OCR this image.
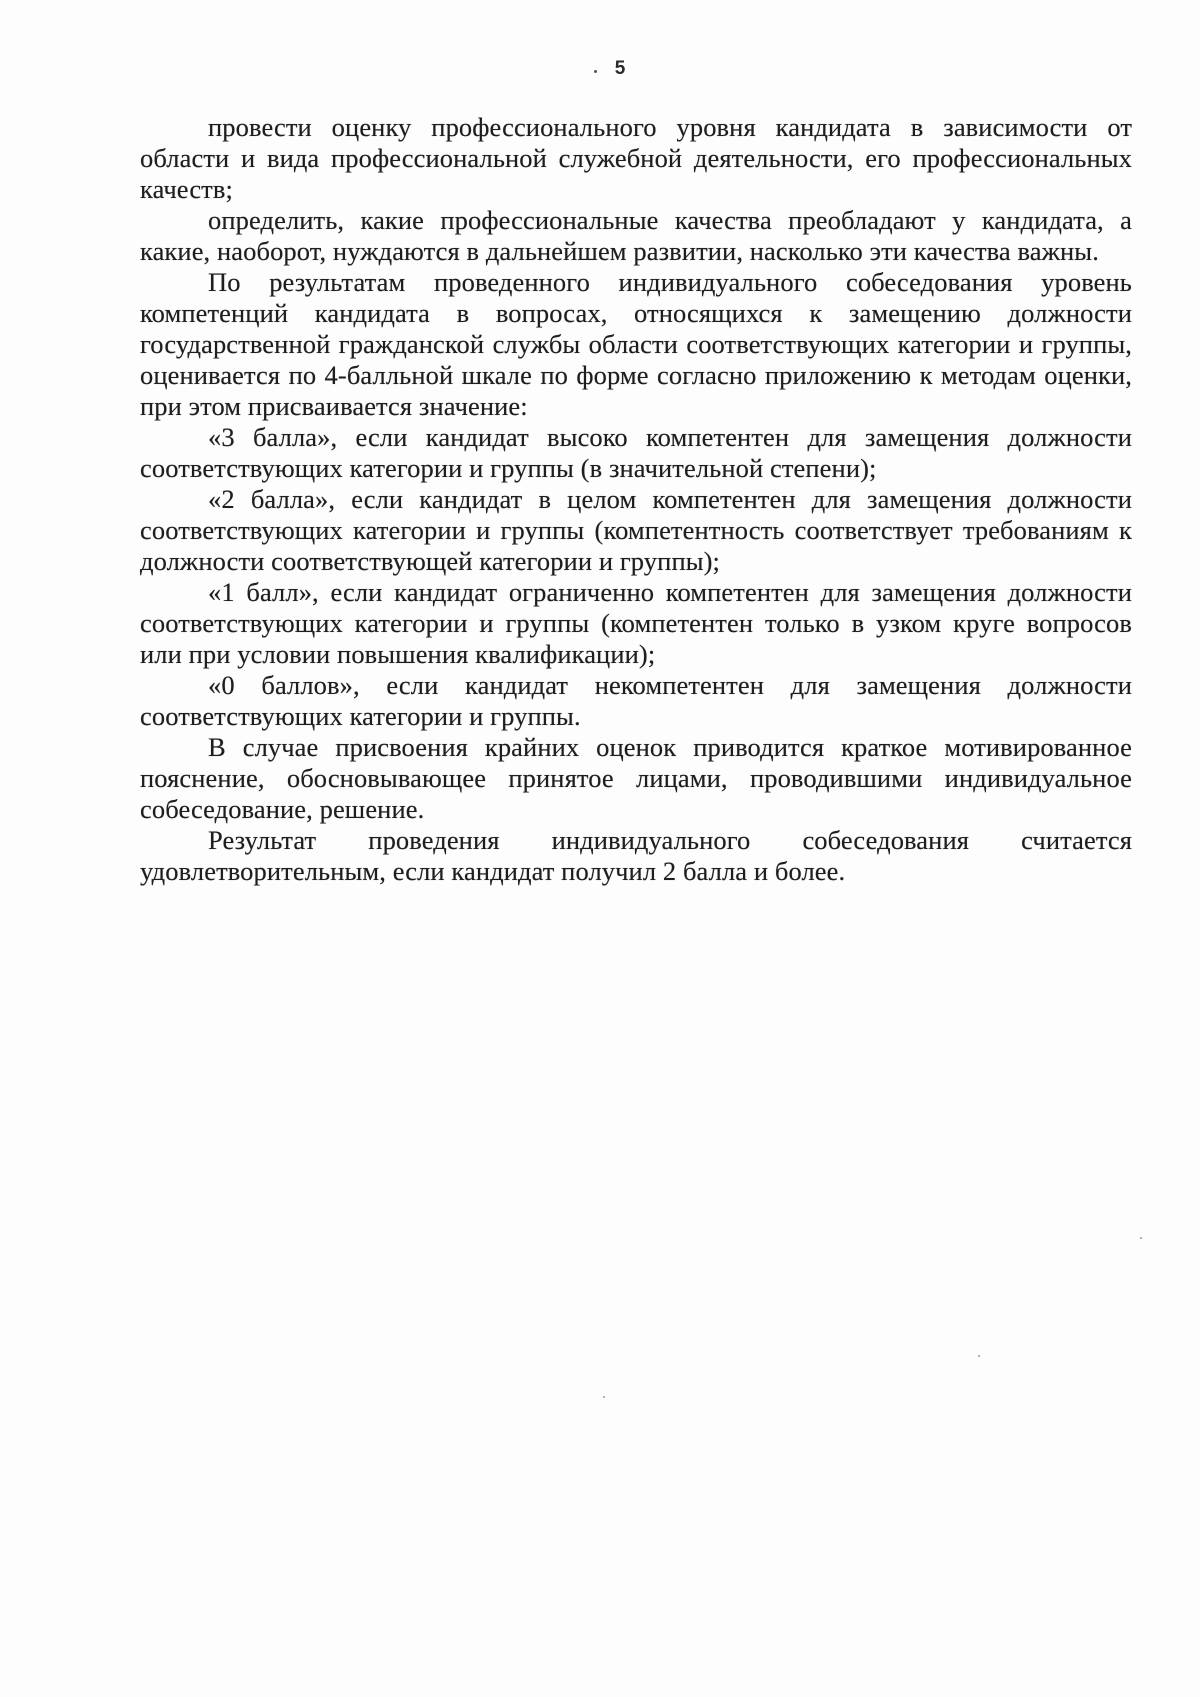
5

провести оценку профессионального уровня кандидата в зависимости от области и вида профессиональной служебной деятельности, его профессиональных качеств;

определить, какие профессиональные качества преобладают у кандидата, а какие, наоборот, нуждаются в дальнейшем развитии, насколько эти качества важны.

По результатам проведенного индивидуального собеседования уровень компетенций кандидата в вопросах, относящихся к замещению должности государственной гражданской службы области соответствующих категории и группы, оценивается по 4-балльной шкале по форме согласно приложению к методам оценки, при этом присваивается значение:

«3 балла», если кандидат высоко компетентен для замещения должности соответствующих категории и группы (в значительной степени);

«2 балла», если кандидат в целом компетентен для замещения должности соответствующих категории и группы (компетентность соответствует требованиям к должности соответствующей категории и группы);

«1 балл», если кандидат ограниченно компетентен для замещения должности соответствующих категории и группы (компетентен только в узком круге вопросов или при условии повышения квалификации);

«0 баллов», если кандидат некомпетентен для замещения должности соответствующих категории и группы.

В случае присвоения крайних оценок приводится краткое мотивированное пояснение, обосновывающее принятое лицами, проводившими индивидуальное собеседование, решение.

Результат проведения индивидуального собеседования считается удовлетворительным, если кандидат получил 2 балла и более.
